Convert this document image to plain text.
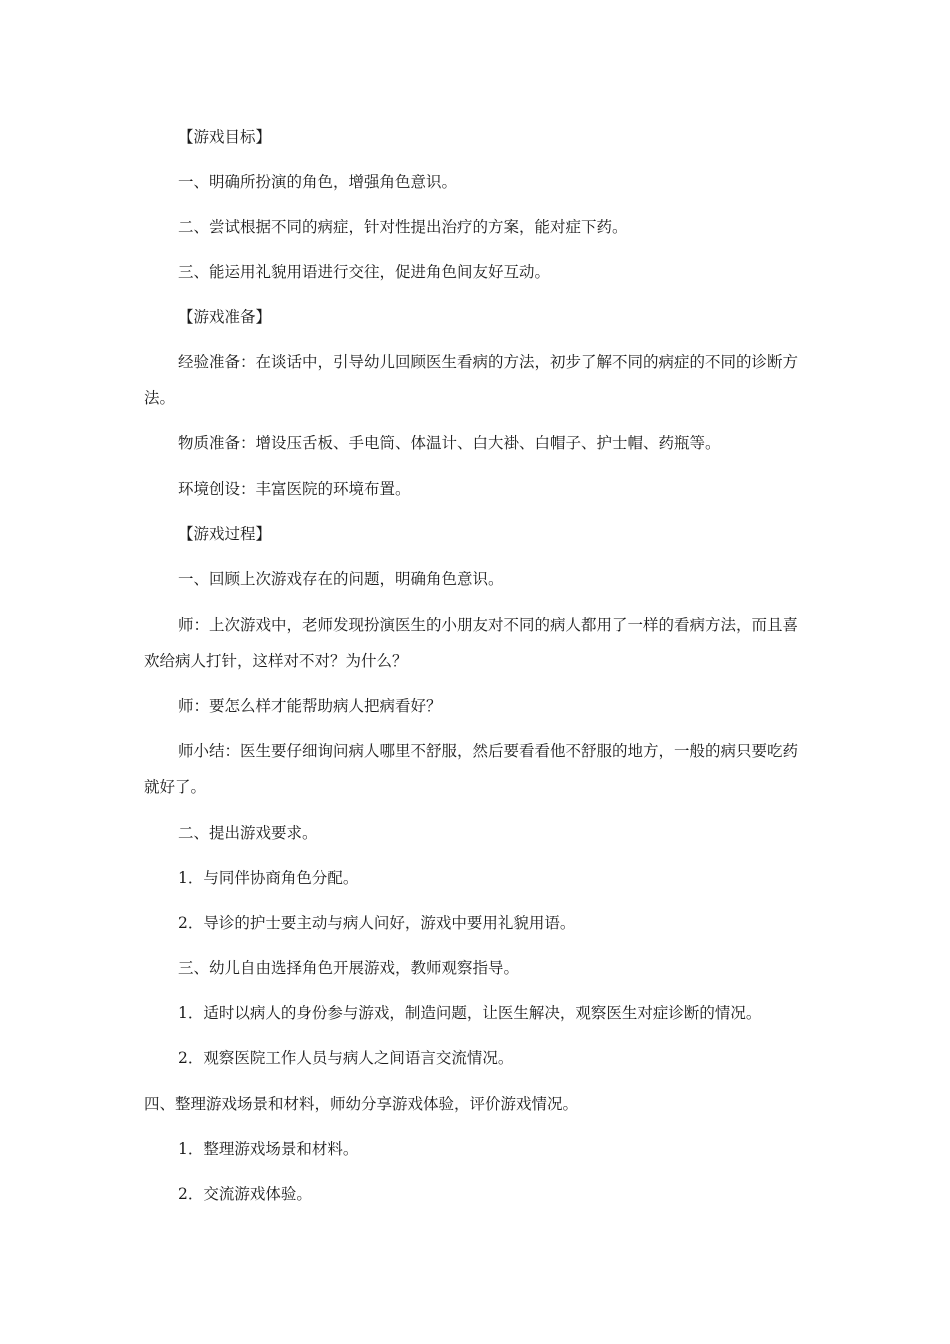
【游戏目标】

一、明确所扮演的角色，增强角色意识。

二、尝试根据不同的病症，针对性提出治疗的方案，能对症下药。

三、能运用礼貌用语进行交往，促进角色间友好互动。

【游戏准备】

经验准备：在谈话中，引导幼儿回顾医生看病的方法，初步了解不同的病症的不同的诊断方法。

物质准备：增设压舌板、手电筒、体温计、白大褂、白帽子、护士帽、药瓶等。

环境创设：丰富医院的环境布置。

【游戏过程】

一、回顾上次游戏存在的问题，明确角色意识。

师：上次游戏中，老师发现扮演医生的小朋友对不同的病人都用了一样的看病方法，而且喜欢给病人打针，这样对不对？为什么？

师：要怎么样才能帮助病人把病看好？

师小结：医生要仔细询问病人哪里不舒服，然后要看看他不舒服的地方，一般的病只要吃药就好了。

二、提出游戏要求。

1．与同伴协商角色分配。

2．导诊的护士要主动与病人问好，游戏中要用礼貌用语。

三、幼儿自由选择角色开展游戏，教师观察指导。

1．适时以病人的身份参与游戏，制造问题，让医生解决，观察医生对症诊断的情况。

2．观察医院工作人员与病人之间语言交流情况。

四、整理游戏场景和材料，师幼分享游戏体验，评价游戏情况。

1．整理游戏场景和材料。

2．交流游戏体验。
